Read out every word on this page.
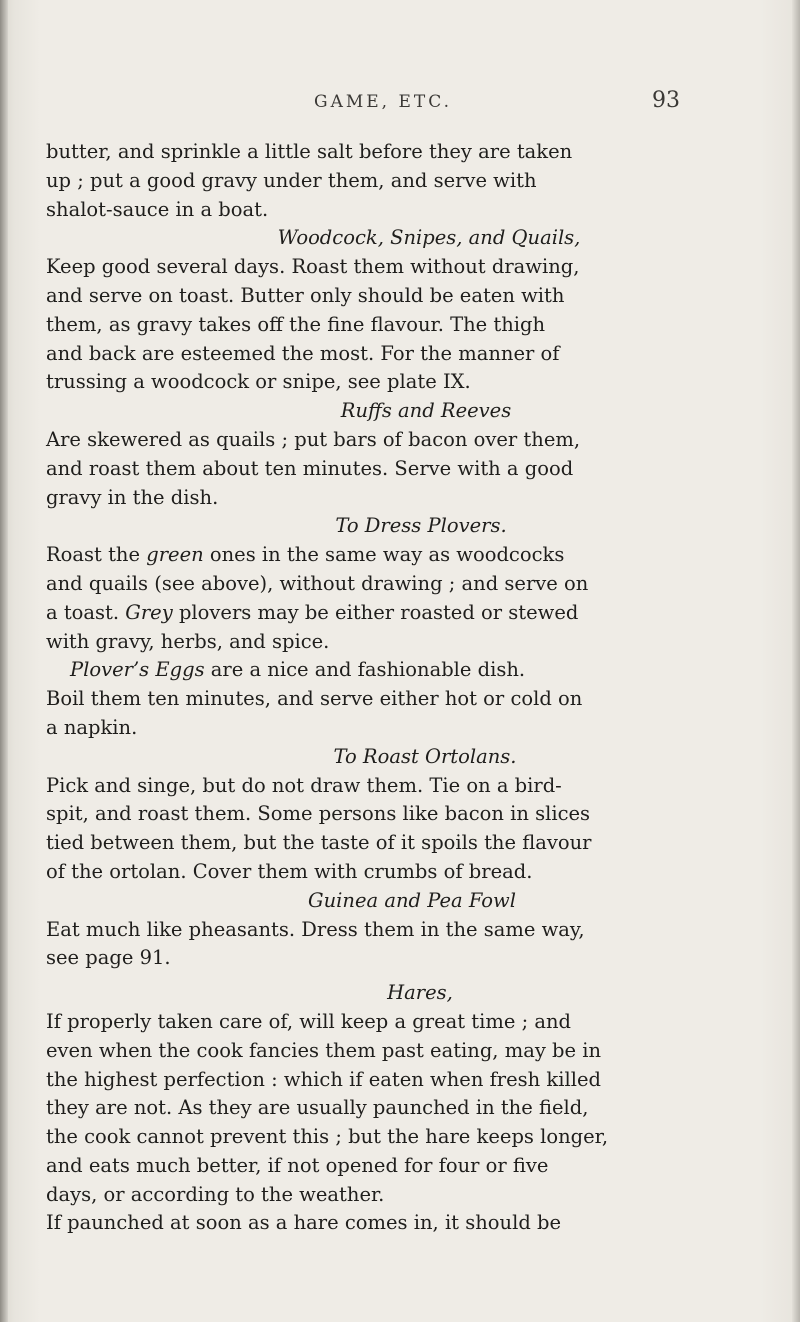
GAME, ETC.	93
butter, and sprinkle a little salt before they are taken
up ; put a good gravy under them, and serve with
shalot-sauce in a boat.
Woodcock, Snipes, and Quails,
Keep good several days. Roast them without drawing,
and serve on toast. Butter only should be eaten with
them, as gravy takes off the fine flavour. The thigh
and back are esteemed the most. For the manner of
trussing a woodcock or snipe, see plate IX.
Ruffs and Reeves
Are skewered as quails ; put bars of bacon over them,
and roast them about ten minutes. Serve with a good
gravy in the dish.
To Dress Plovers.
Roast the green ones in the same way as woodcocks
and quails (see above), without drawing ; and serve on
a toast. Grey plovers may be either roasted or stewed
with gravy, herbs, and spice.
Plover’s Eggs are a nice and fashionable dish.
Boil them ten minutes, and serve either hot or cold on
a napkin.
To Roast Ortolans.
Pick and singe, but do not draw them. Tie on a bird-
spit, and roast them. Some persons like bacon in slices
tied between them, but the taste of it spoils the flavour
of the ortolan. Cover them with crumbs of bread.
Guinea and Pea Fowl
Eat much like pheasants. Dress them in the same way,
see page 91.
Hares,
If properly taken care of, will keep a great time ; and
even when the cook fancies them past eating, may be in
the highest perfection : which if eaten when fresh killed
they are not. As they are usually paunched in the field,
the cook cannot prevent this ; but the hare keeps longer,
and eats much better, if not opened for four or five
days, or according to the weather.
If paunched at soon as a hare comes in, it should be
